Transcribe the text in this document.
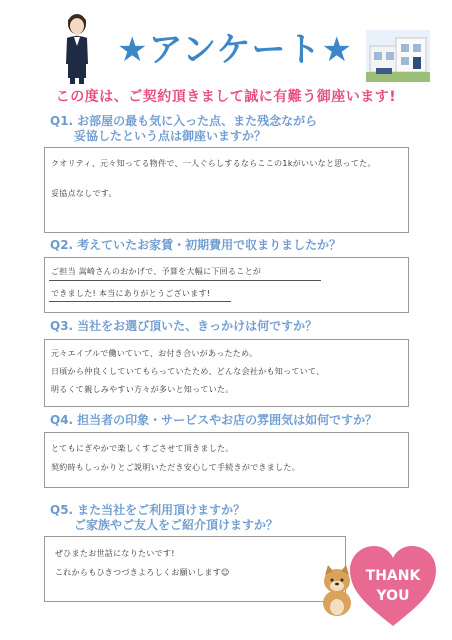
★アンケート★
この度は、ご契約頂きまして誠に有難う御座います!
Q1. お部屋の最も気に入った点、また残念ながら
妥協したという点は御座いますか？
クオリティ、元々知ってる物件で、一人ぐらしするならここの1kがいいなと思ってた。
妥協点なしです。
Q2. 考えていたお家賃・初期費用で収まりましたか？
ご担当 嵩崎さんのおかげで、予算を大幅に下回ることが
できました! 本当にありがとうございます!
Q3. 当社をお選び頂いた、きっかけは何ですか？
元々エイブルで働いていて、お付き合いがあったため。
日頃から仲良くしていてもらっていたため、どんな会社かも知っていて、
明るくて親しみやすい方々が多いと知っていた。
Q4. 担当者の印象・サービスやお店の雰囲気は如何ですか？
とてもにぎやかで楽しくすごさせて頂きました。
契約時もしっかりとご説明いただき安心して手続きができました。
Q5. また当社をご利用頂けますか？
ご家族やご友人をご紹介頂けますか？
ぜひまたお世話になりたいです!
これからもひきつづきよろしくお願いします☺	THANK
YOU
